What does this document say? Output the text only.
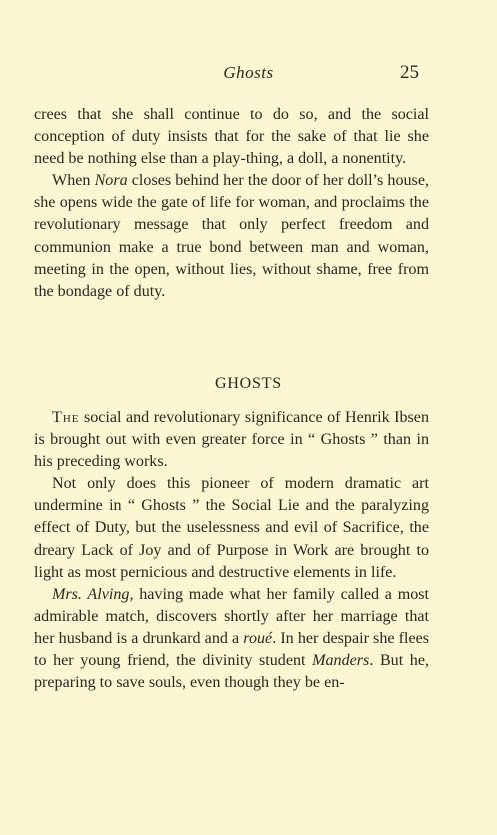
Ghosts	25

crees that she shall continue to do so, and the social conception of duty insists that for the sake of that lie she need be nothing else than a play-thing, a doll, a nonentity.

When Nora closes behind her the door of her doll’s house, she opens wide the gate of life for woman, and proclaims the revolutionary message that only perfect freedom and communion make a true bond between man and woman, meeting in the open, without lies, without shame, free from the bondage of duty.

GHOSTS

The social and revolutionary significance of Henrik Ibsen is brought out with even greater force in “ Ghosts ” than in his preceding works.

Not only does this pioneer of modern dramatic art undermine in “ Ghosts ” the Social Lie and the paralyzing effect of Duty, but the uselessness and evil of Sacrifice, the dreary Lack of Joy and of Purpose in Work are brought to light as most pernicious and destructive elements in life.

Mrs. Alving, having made what her family called a most admirable match, discovers shortly after her marriage that her husband is a drunkard and a roué. In her despair she flees to her young friend, the divinity student Manders. But he, preparing to save souls, even though they be en-
